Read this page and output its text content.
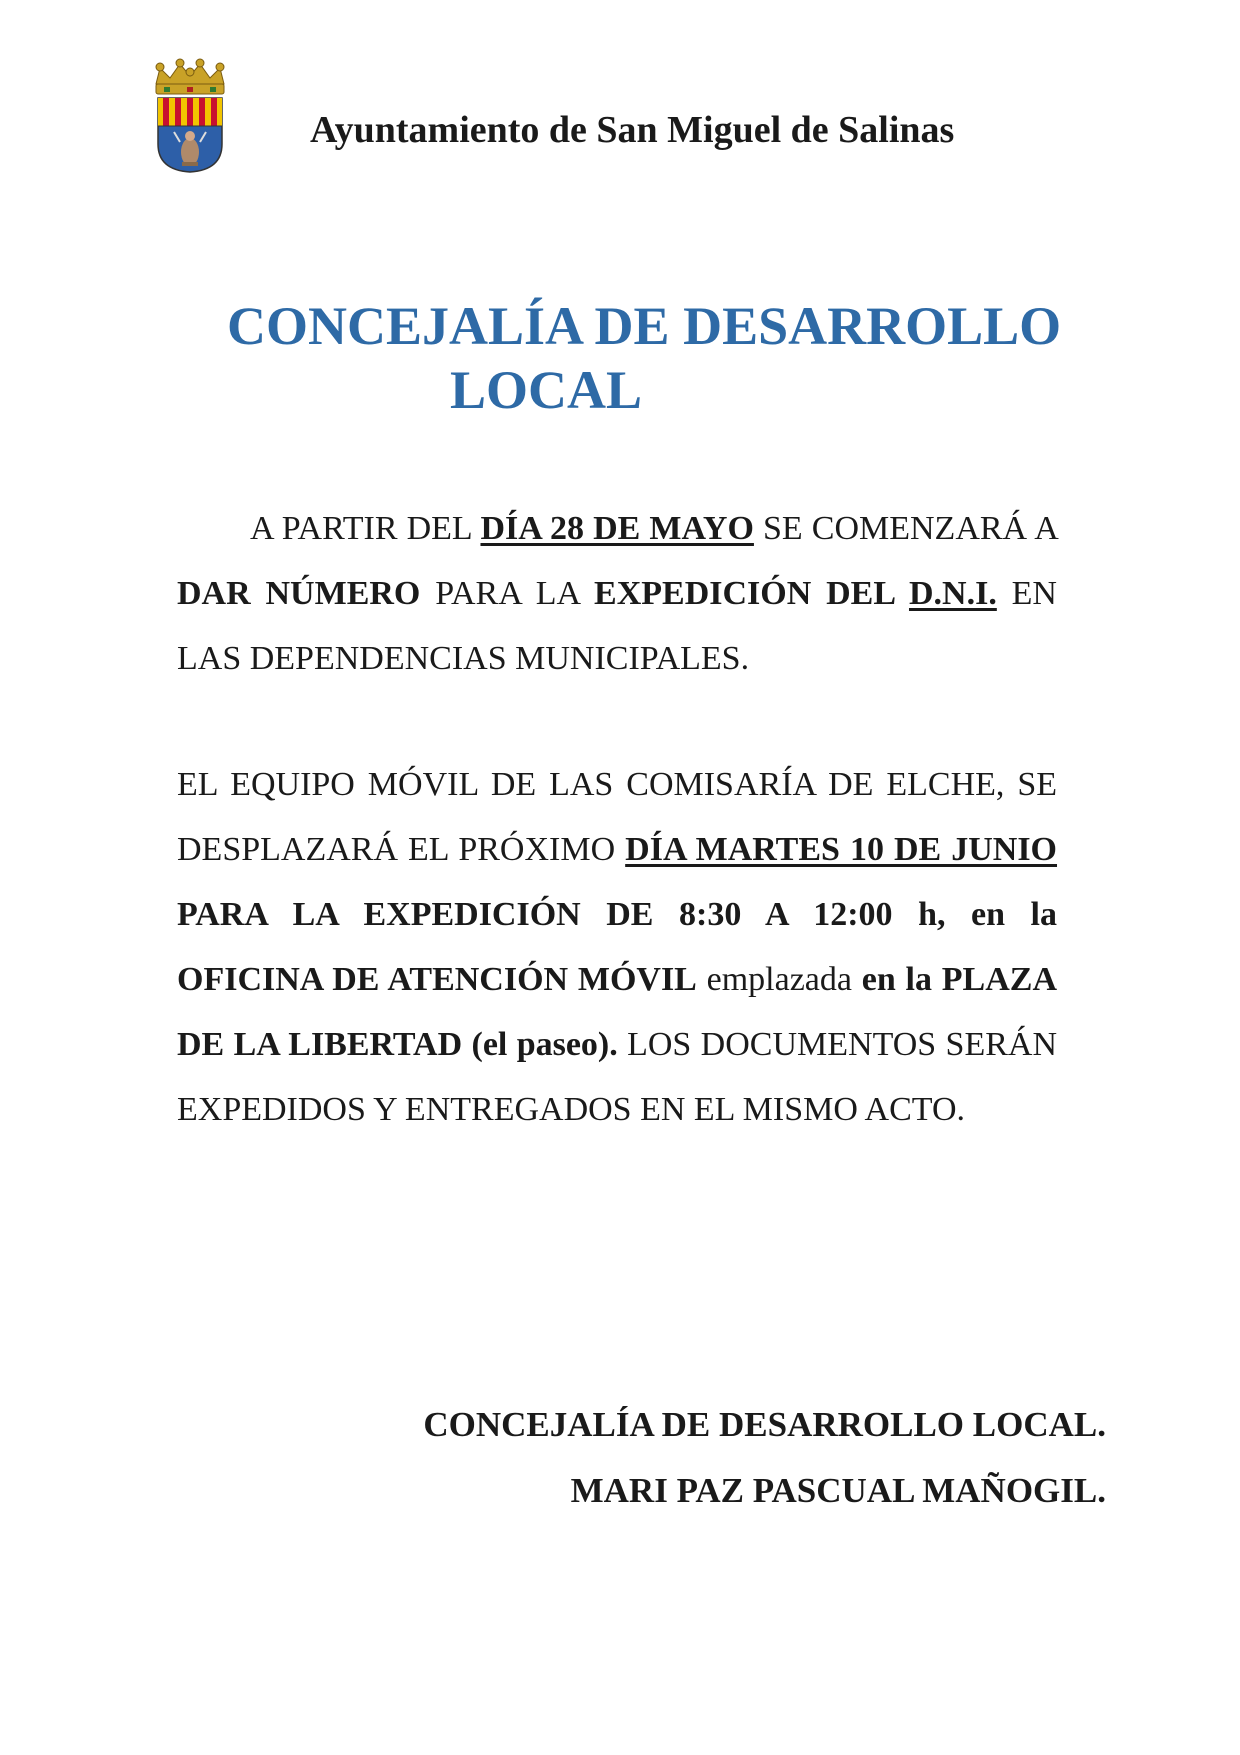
Ayuntamiento de San Miguel de Salinas
CONCEJALÍA DE DESARROLLO
LOCAL
A PARTIR DEL DÍA 28 DE MAYO SE COMENZARÁ A DAR NÚMERO PARA LA EXPEDICIÓN DEL D.N.I. EN LAS DEPENDENCIAS MUNICIPALES.
EL EQUIPO MÓVIL DE LAS COMISARÍA DE ELCHE, SE DESPLAZARÁ EL PRÓXIMO DÍA MARTES 10 DE JUNIO PARA LA EXPEDICIÓN DE 8:30 A 12:00 h, en la OFICINA DE ATENCIÓN MÓVIL emplazada en la PLAZA DE LA LIBERTAD (el paseo). LOS DOCUMENTOS SERÁN EXPEDIDOS Y ENTREGADOS EN EL MISMO ACTO.
CONCEJALÍA DE DESARROLLO LOCAL.
MARI PAZ PASCUAL MAÑOGIL.
